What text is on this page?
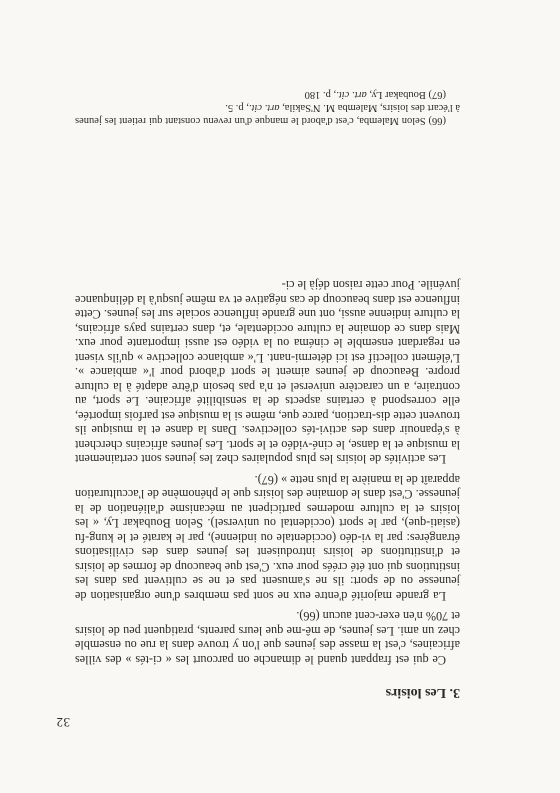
32
3. Les loisirs

Ce qui est frappant quand le dimanche on parcourt les « ci-tés » des villes africaines, c'est la masse des jeunes que l'on y trouve dans la rue ou ensemble chez un ami. Les jeunes, de mê-me que leurs parents, pratiquent peu de loisirs et 70% n'en exer-cent aucun (66).

La grande majorité d'entre eux ne sont pas membres d'une organisation de jeunesse ou de sport: ils ne s'amusent pas et ne se cultivent pas dans les institutions qui ont été créés pour eux. C'est que beaucoup de formes de loisirs et d'institutions de loisirs introduisent les jeunes dans des civilisations étrangères: par la vi-déo (occidentale ou indienne), par le karaté et le kung-fu (asiati-que), par le sport (occidental ou universel). Selon Boubakar Ly, « les loisirs et la culture modernes participent au mécanisme d'aliénation de la jeunesse. C'est dans le domaine des loisirs que le phénomène de l'acculturation apparaît de la manière la plus nette » (67).

Les activités de loisirs les plus populaires chez les jeunes sont certainement la musique et la danse, le ciné-vidéo et le sport. Les jeunes africains cherchent à s'épanouir dans des activi-tés collectives. Dans la danse et la musique ils trouvent cette dis-traction, parce que, même si la musique est parfois importée, elle correspond à certains aspects de la sensibilité africaine. Le sport, au contraire, a un caractère universel et n'a pas besoin d'être adapté à la culture propre. Beaucoup de jeunes aiment le sport d'abord pour l'« ambiance ». L'élément collectif est ici détermi-nant. L'« ambiance collective » qu'ils visent en regardant ensemble le cinéma ou la vidéo est aussi importante pour eux. Mais dans ce domaine la culture occidentale, et, dans certains pays africains, la culture indienne aussi, ont une grande influence sociale sur les jeunes. Cette influence est dans beaucoup de cas négative et va même jusqu'à la délinquance juvénile. Pour cette raison déjà le ci-

(66) Selon Malemba, c'est d'abord le manque d'un revenu constant qui retient les jeunes à l'écart des loisirs, Malemba M. N'Sakila, art. cit., p. 5.

(67) Boubakar Ly, art. cit., p. 180
